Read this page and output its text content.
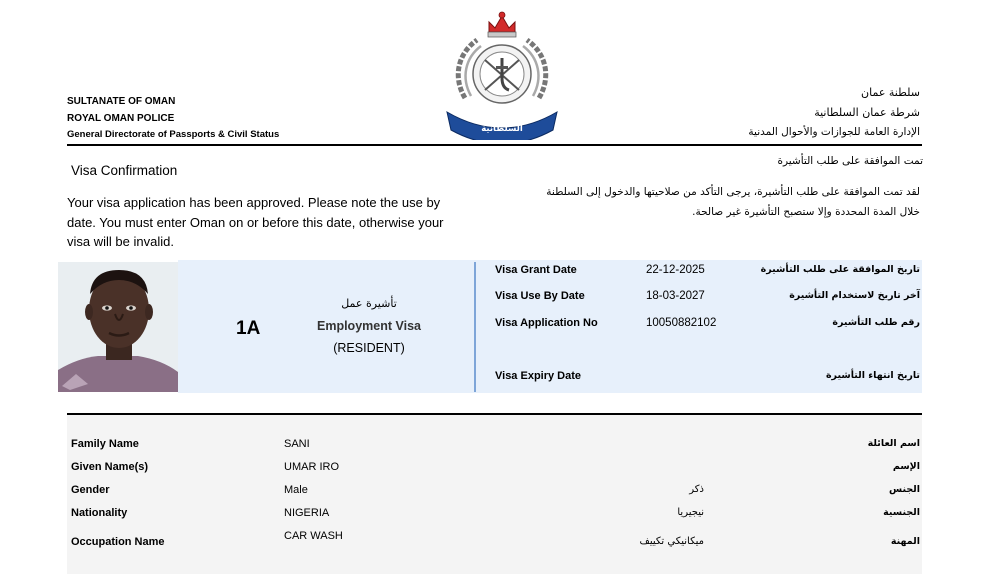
SULTANATE OF OMAN
ROYAL OMAN POLICE
General Directorate of Passports & Civil Status
شرطة عمان السلطانية
سلطنة عمان
شرطة عمان السلطانية
الإدارة العامة للجوازات والأحوال المدنية
Visa Confirmation
Your visa application has been approved. Please note the use by date. You must enter Oman on or before this date, otherwise your visa will be invalid.
تمت الموافقة على طلب التأشيرة
لقد تمت الموافقة على طلب التأشيرة، يرجى التأكد من صلاحيتها والدخول إلى السلطنة
خلال المدة المحددة وإلا ستصبح التأشيرة غير صالحة.
1A
تأشيرة عمل
Employment Visa
(RESIDENT)
Visa Grant Date	22-12-2025	تاريخ الموافقة على طلب التأشيرة
Visa Use By Date	18-03-2027	آخر تاريخ لاستخدام التأشيرة
Visa Application No	10050882102	رقم طلب التأشيرة
Visa Expiry Date	تاريخ انتهاء التأشيرة
Family Name	SANI	اسم العائلة
Given Name(s)	UMAR IRO	الإسم
Gender	Male	ذكر	الجنس
Nationality	NIGERIA	نيجيريا	الجنسية
Occupation Name	CAR WASH	ميكانيكي تكييف	المهنة
